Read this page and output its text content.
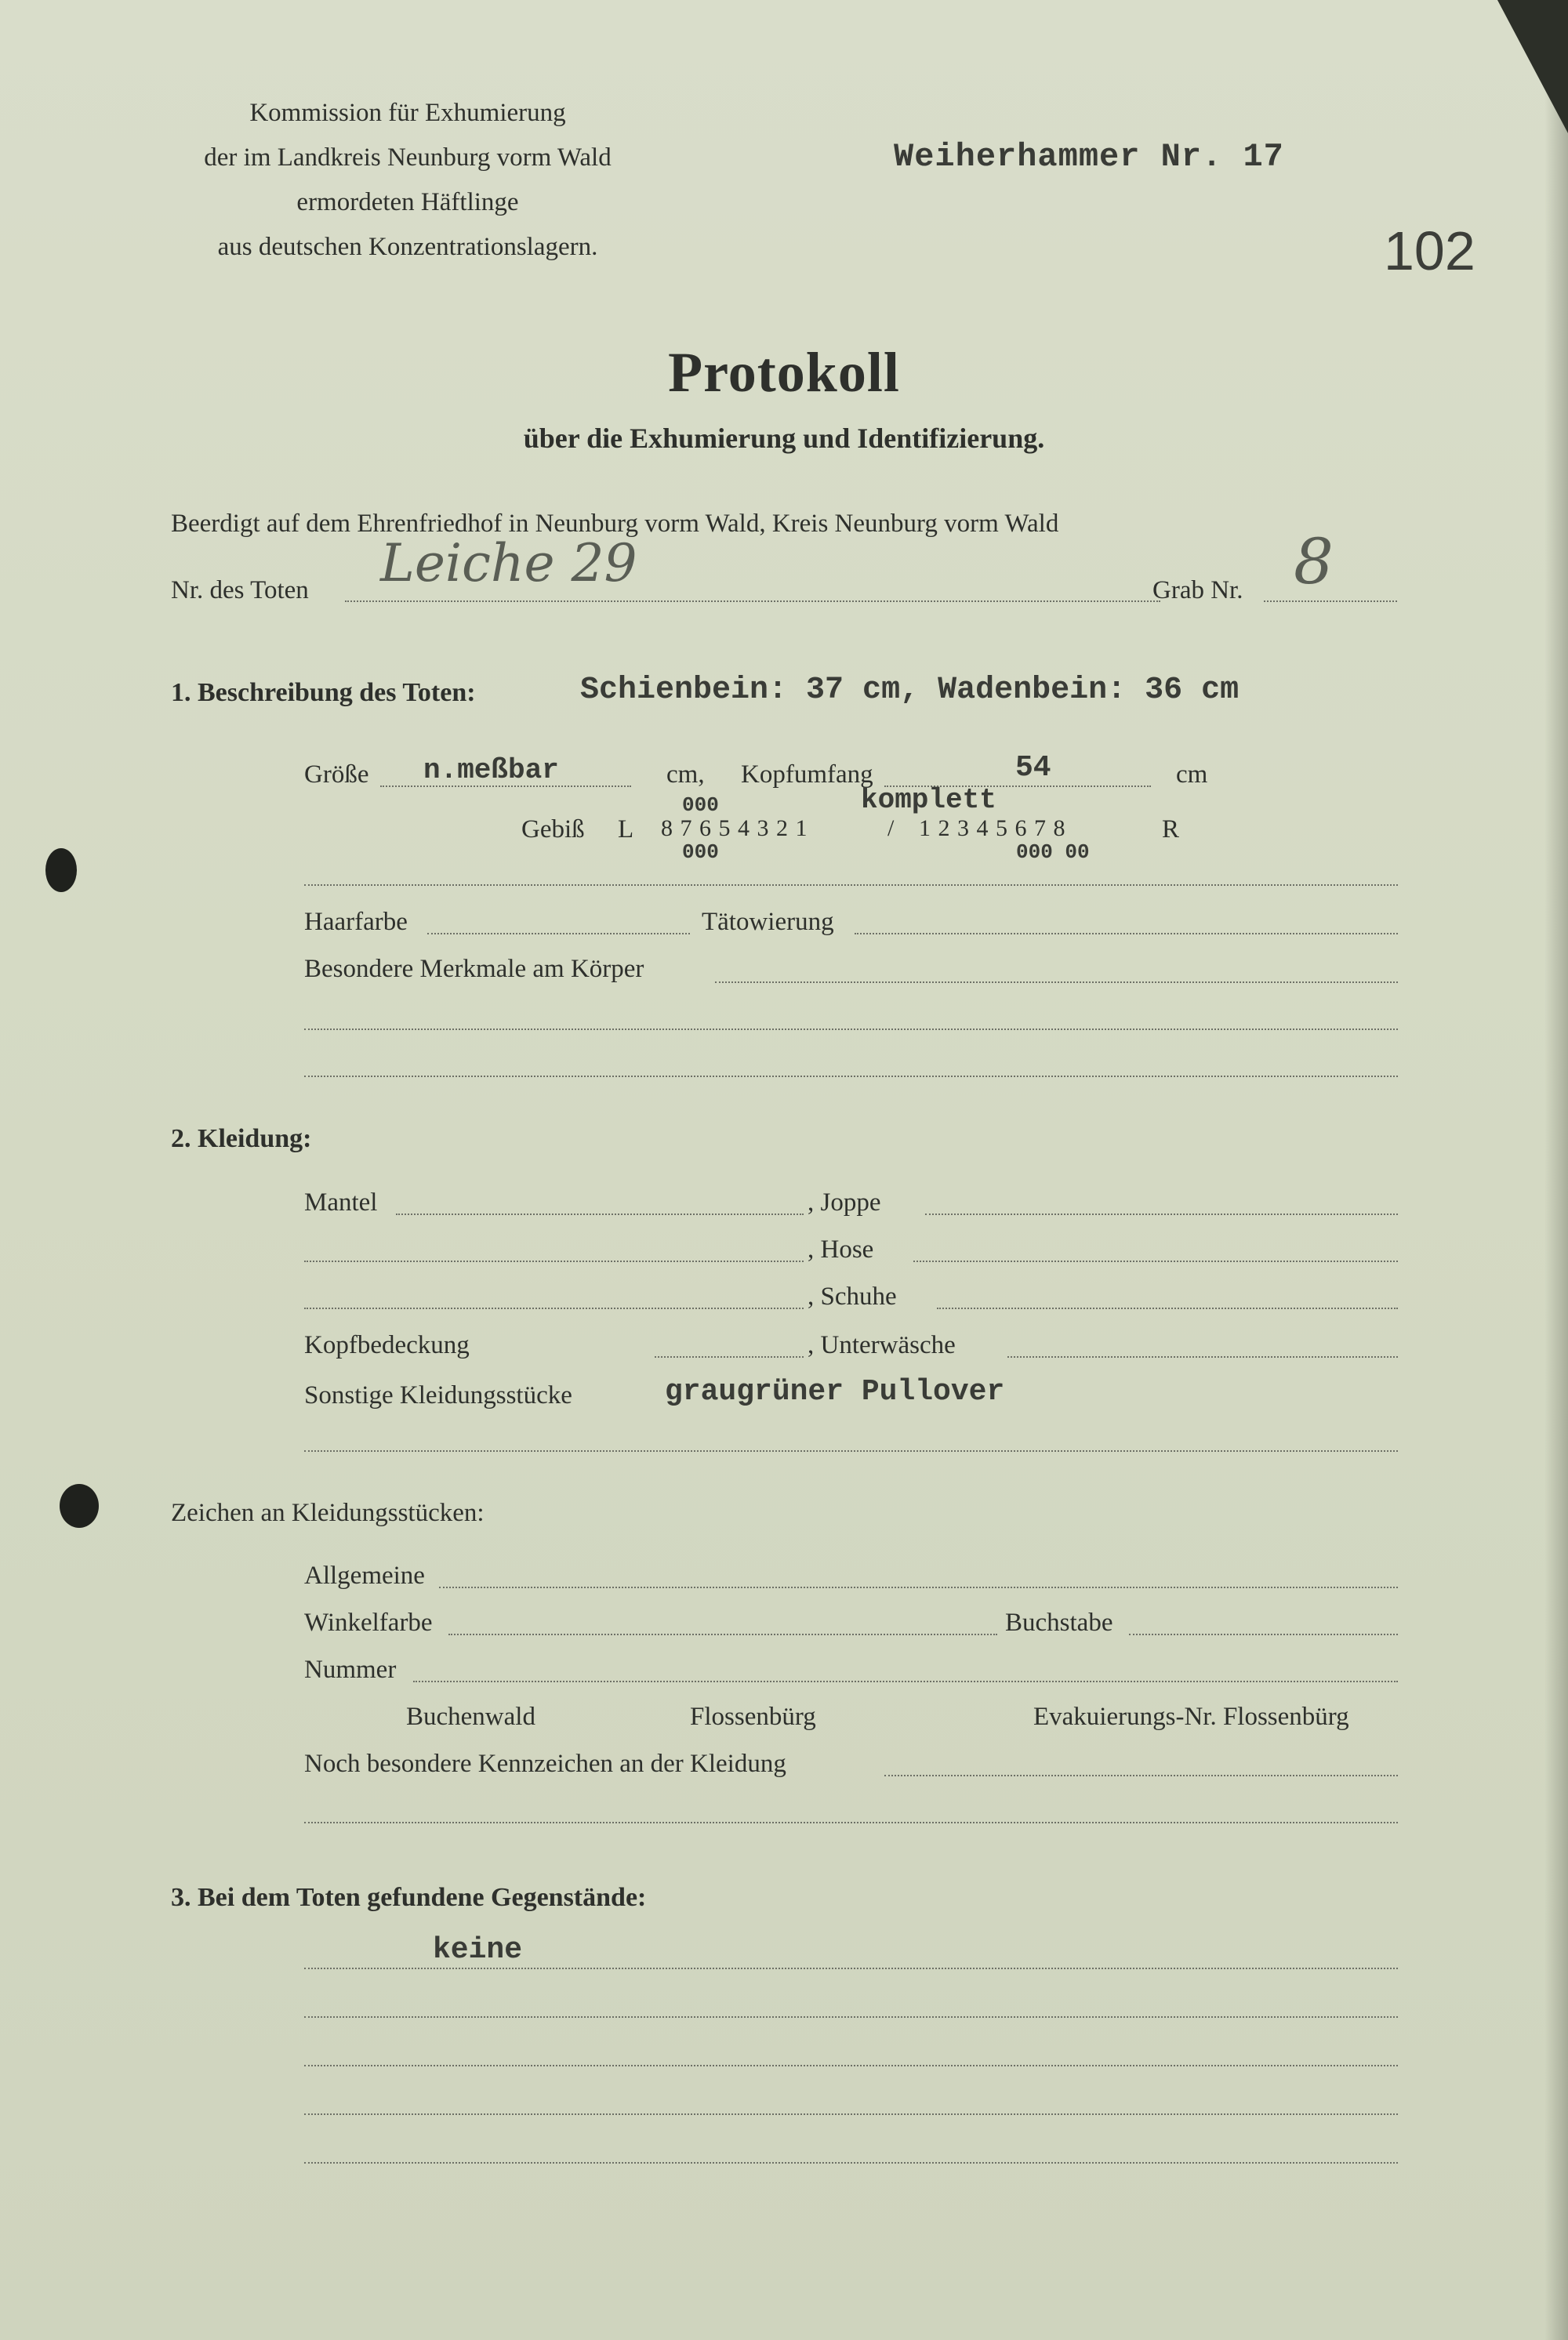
Kommission für Exhumierung
der im Landkreis Neunburg vorm Wald
ermordeten Häftlinge
aus deutschen Konzentrationslagern.
Weiherhammer Nr. 17
102
Protokoll
über die Exhumierung und Identifizierung.
Beerdigt auf dem Ehrenfriedhof in Neunburg vorm Wald, Kreis Neunburg vorm Wald
Nr. des Toten Leiche 29	Grab Nr. 8
1. Beschreibung des Toten:	Schienbein: 37 cm, Wadenbein: 36 cm
Größe n.meßbar	cm, Kopfumfang	54	cm
komplett
Gebiß L 8 7 6 5 4 3 2 1	/ 1 2 3 4 5 6 7 8	R
000
000	000 00
Haarfarbe	Tätowierung
Besondere Merkmale am Körper
2. Kleidung:
Mantel	, Joppe
, Hose
, Schuhe
Kopfbedeckung	, Unterwäsche
Sonstige Kleidungsstücke	graugrüner Pullover
Zeichen an Kleidungsstücken:
Allgemeine
Winkelfarbe	Buchstabe
Nummer
Buchenwald	Flossenbürg	Evakuierungs-Nr. Flossenbürg
Noch besondere Kennzeichen an der Kleidung
3. Bei dem Toten gefundene Gegenstände:
keine
